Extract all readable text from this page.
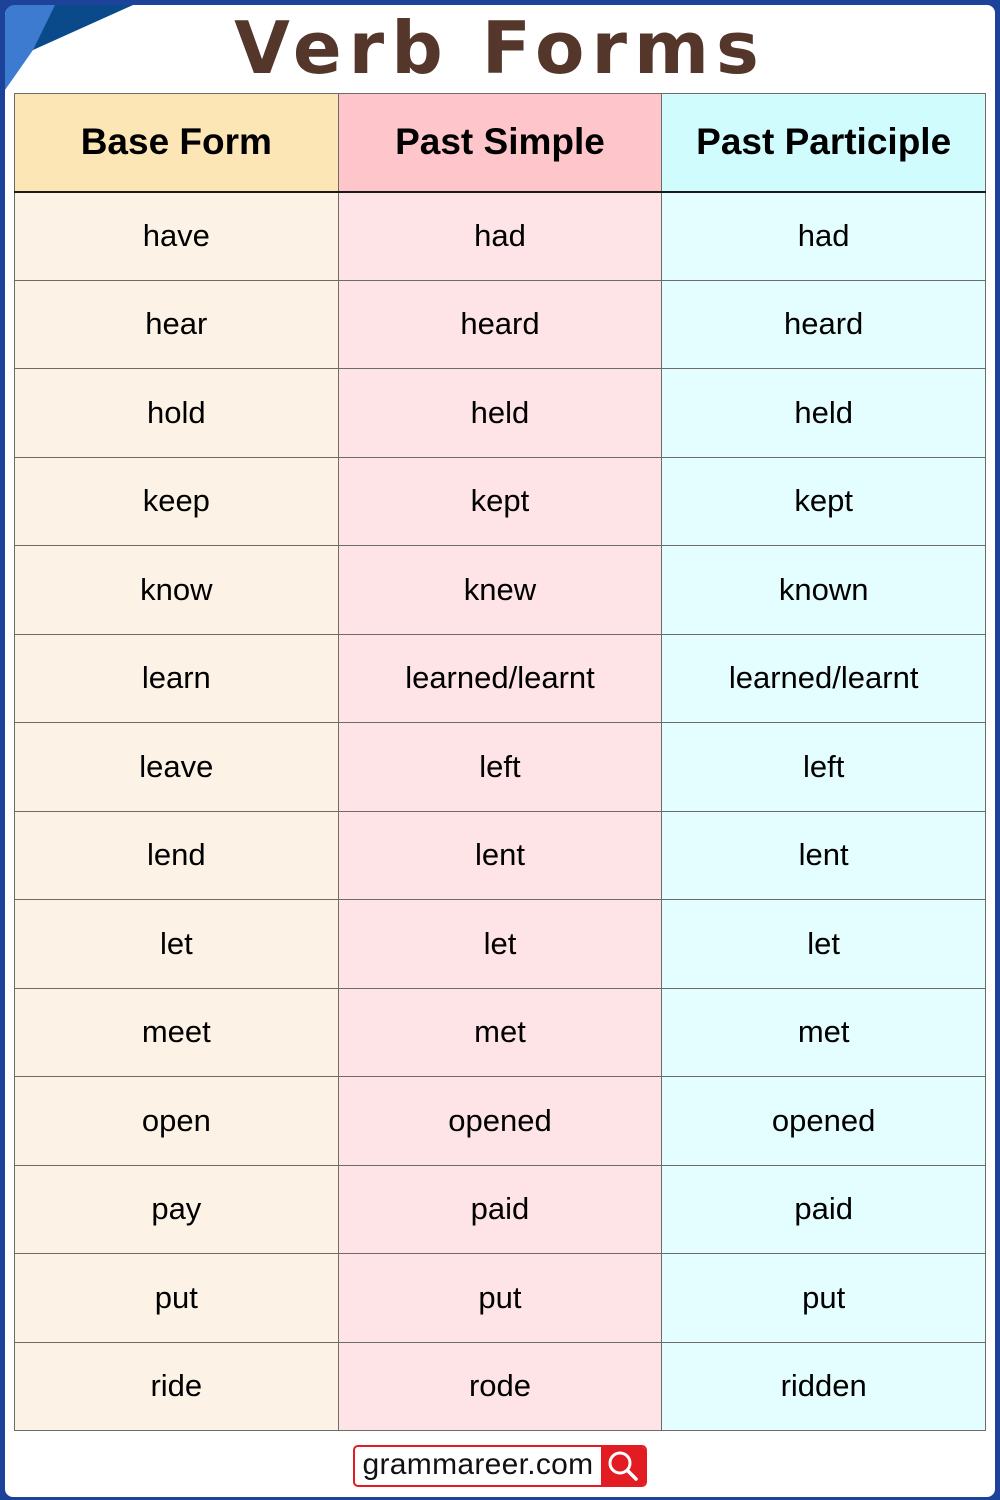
Verb Forms
Base Form	Past Simple	Past Participle
have	had	had
hear	heard	heard
hold	held	held
keep	kept	kept
know	knew	known
learn	learned/learnt	learned/learnt
leave	left	left
lend	lent	lent
let	let	let
meet	met	met
open	opened	opened
pay	paid	paid
put	put	put
ride	rode	ridden
grammareer.com
